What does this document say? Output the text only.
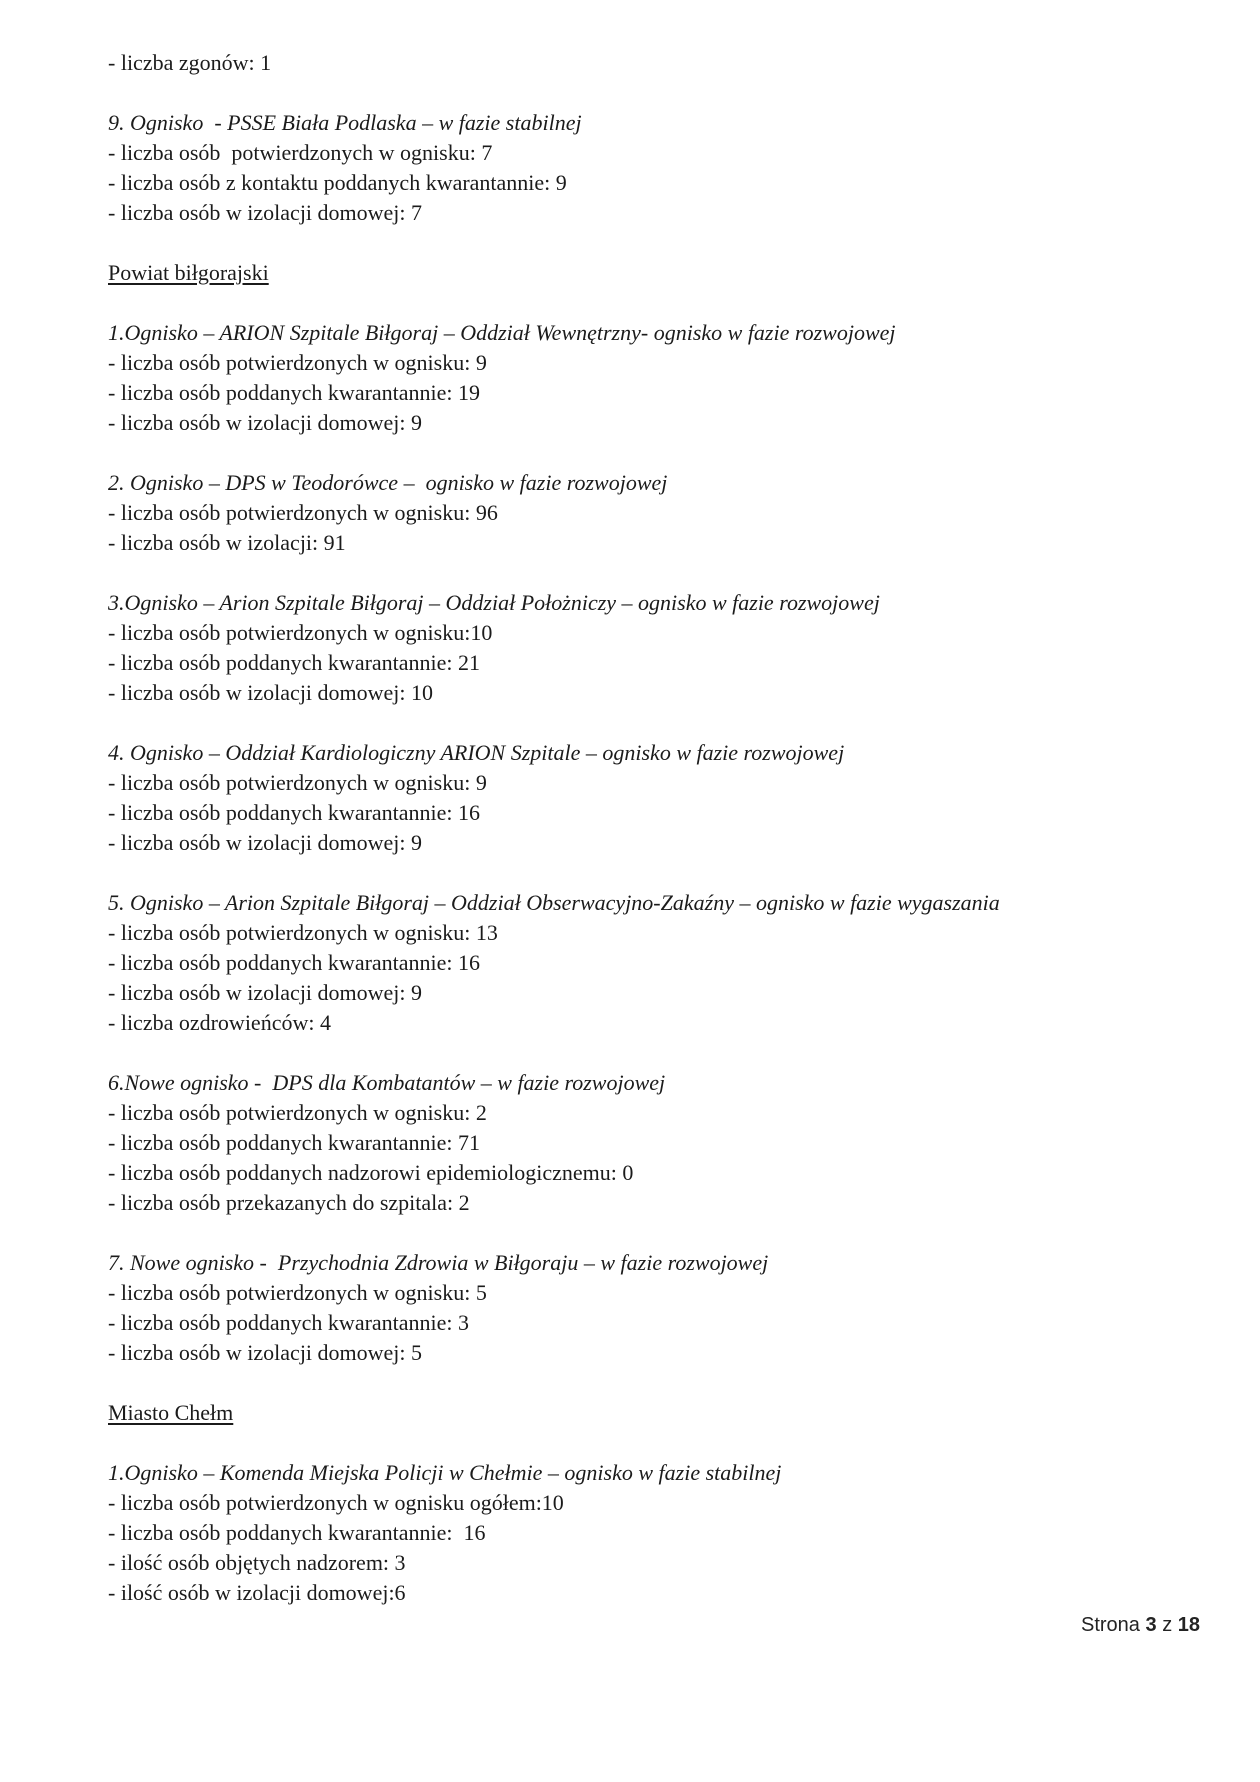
- liczba zgonów: 1

9. Ognisko  - PSSE Biała Podlaska – w fazie stabilnej

- liczba osób  potwierdzonych w ognisku: 7

- liczba osób z kontaktu poddanych kwarantannie: 9

- liczba osób w izolacji domowej: 7

Powiat biłgorajski

1.Ognisko – ARION Szpitale Biłgoraj – Oddział Wewnętrzny- ognisko w fazie rozwojowej

- liczba osób potwierdzonych w ognisku: 9

- liczba osób poddanych kwarantannie: 19

- liczba osób w izolacji domowej: 9

2. Ognisko – DPS w Teodorówce –  ognisko w fazie rozwojowej

- liczba osób potwierdzonych w ognisku: 96

- liczba osób w izolacji: 91

3.Ognisko – Arion Szpitale Biłgoraj – Oddział Położniczy – ognisko w fazie rozwojowej

- liczba osób potwierdzonych w ognisku:10

- liczba osób poddanych kwarantannie: 21

- liczba osób w izolacji domowej: 10

4. Ognisko – Oddział Kardiologiczny ARION Szpitale – ognisko w fazie rozwojowej

- liczba osób potwierdzonych w ognisku: 9

- liczba osób poddanych kwarantannie: 16

- liczba osób w izolacji domowej: 9

5. Ognisko – Arion Szpitale Biłgoraj – Oddział Obserwacyjno-Zakaźny – ognisko w fazie wygaszania

- liczba osób potwierdzonych w ognisku: 13

- liczba osób poddanych kwarantannie: 16

- liczba osób w izolacji domowej: 9

- liczba ozdrowieńców: 4

6.Nowe ognisko -  DPS dla Kombatantów – w fazie rozwojowej

- liczba osób potwierdzonych w ognisku: 2

- liczba osób poddanych kwarantannie: 71

- liczba osób poddanych nadzorowi epidemiologicznemu: 0

- liczba osób przekazanych do szpitala: 2

7. Nowe ognisko -  Przychodnia Zdrowia w Biłgoraju – w fazie rozwojowej

- liczba osób potwierdzonych w ognisku: 5

- liczba osób poddanych kwarantannie: 3

- liczba osób w izolacji domowej: 5

Miasto Chełm

1.Ognisko – Komenda Miejska Policji w Chełmie – ognisko w fazie stabilnej

- liczba osób potwierdzonych w ognisku ogółem:10

- liczba osób poddanych kwarantannie:  16

- ilość osób objętych nadzorem: 3

- ilość osób w izolacji domowej:6

Strona 3 z 18
